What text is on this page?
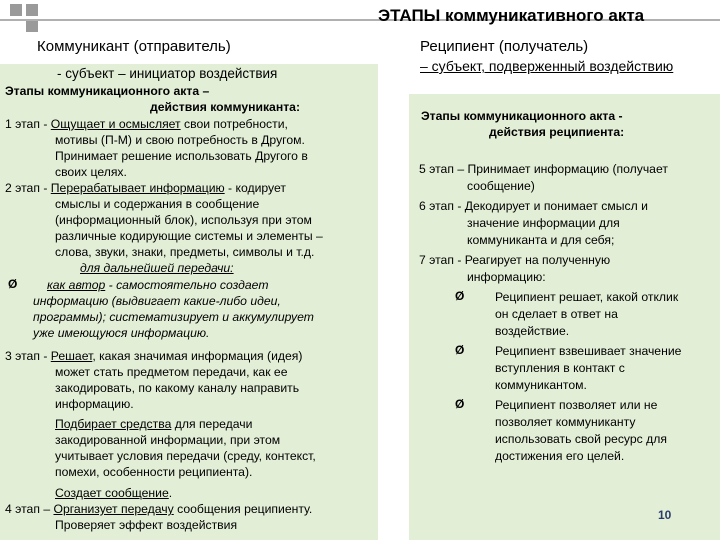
ЭТАПЫ коммуникативного акта
Коммуникант (отправитель)	Реципиент (получатель)
– субъект, подверженный воздействию
- субъект – инициатор воздействия
Этапы коммуникационного акта –
действия коммуниканта:
1 этап - Ощущает и осмысляет свои потребности,
мотивы (П-М) и свою потребность в Другом.
Принимает решение использовать Другого в
своих целях.
2 этап - Перерабатывает информацию - кодирует
смыслы и содержания в сообщение
(информационный блок), используя при этом
различные кодирующие системы и элементы –
слова, звуки, знаки, предметы, символы и т.д.
для дальнейшей передачи:
Ø как автор - самостоятельно создает
информацию (выдвигает какие-либо идеи,
программы); систематизирует и аккумулирует
уже имеющуюся информацию.
3 этап - Решает, какая значимая информация (идея)
может стать предметом передачи, как ее
закодировать, по какому каналу направить
информацию.
Подбирает средства для передачи
закодированной информации, при этом
учитывает условия передачи (среду, контекст,
помехи, особенности реципиента).
Создает сообщение.
4 этап – Организует передачу сообщения реципиенту.
Проверяет эффект воздействия
Этапы коммуникационного акта -
действия реципиента:
5 этап – Принимает информацию (получает
сообщение)
6 этап - Декодирует и понимает смысл и
значение информации для
коммуниканта и для себя;
7 этап - Реагирует на полученную
информацию:
Ø	Реципиент решает, какой отклик
он сделает в ответ на
воздействие.
Ø	Реципиент взвешивает значение
вступления в контакт с
коммуникантом.
Ø	Реципиент позволяет или не
позволяет коммуниканту
использовать свой ресурс для
достижения его целей.
10
